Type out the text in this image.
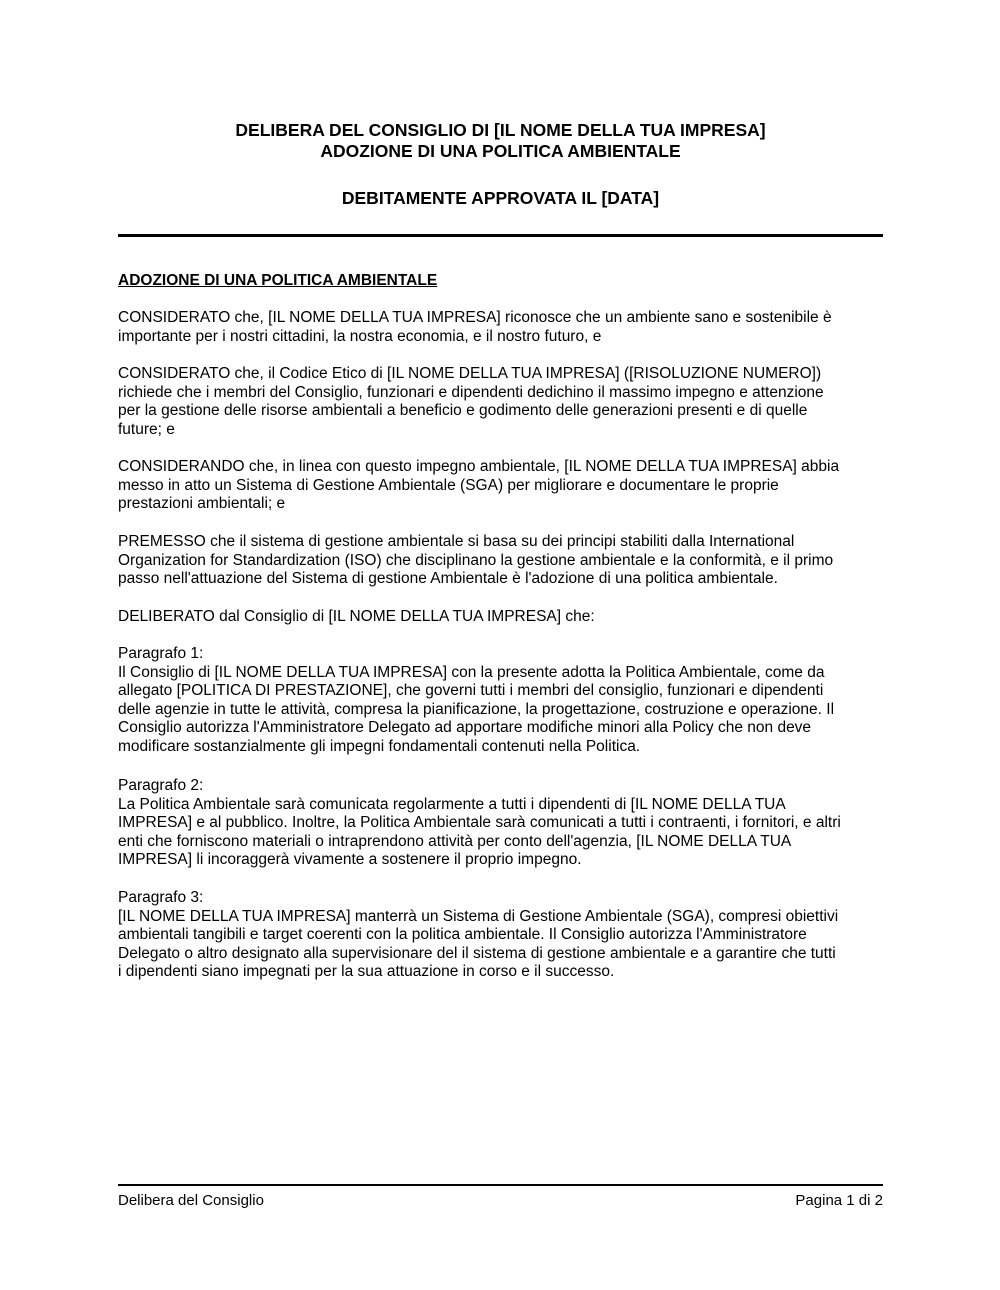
DELIBERA DEL CONSIGLIO DI [IL NOME DELLA TUA IMPRESA]
ADOZIONE DI UNA POLITICA AMBIENTALE
DEBITAMENTE APPROVATA IL [DATA]
ADOZIONE DI UNA POLITICA AMBIENTALE
CONSIDERATO che, [IL NOME DELLA TUA IMPRESA] riconosce che un ambiente sano e sostenibile è
importante per i nostri cittadini, la nostra economia, e il nostro futuro, e
CONSIDERATO che, il Codice Etico di [IL NOME DELLA TUA IMPRESA] ([RISOLUZIONE NUMERO])
richiede che i membri del Consiglio, funzionari e dipendenti dedichino il massimo impegno e attenzione
per la gestione delle risorse ambientali a beneficio e godimento delle generazioni presenti e di quelle
future; e
CONSIDERANDO che, in linea con questo impegno ambientale, [IL NOME DELLA TUA IMPRESA] abbia
messo in atto un Sistema di Gestione Ambientale (SGA) per migliorare e documentare le proprie
prestazioni ambientali; e
PREMESSO che il sistema di gestione ambientale si basa su dei principi stabiliti dalla International
Organization for Standardization (ISO) che disciplinano la gestione ambientale e la conformità, e il primo
passo nell'attuazione del Sistema di gestione Ambientale è l'adozione di una politica ambientale.
DELIBERATO dal Consiglio di [IL NOME DELLA TUA IMPRESA] che:
Paragrafo 1:
Il Consiglio di [IL NOME DELLA TUA IMPRESA] con la presente adotta la Politica Ambientale, come da
allegato [POLITICA DI PRESTAZIONE], che governi tutti i membri del consiglio, funzionari e dipendenti
delle agenzie in tutte le attività, compresa la pianificazione, la progettazione, costruzione e operazione. Il
Consiglio autorizza l'Amministratore Delegato ad apportare modifiche minori alla Policy che non deve
modificare sostanzialmente gli impegni fondamentali contenuti nella Politica.
Paragrafo 2:
La Politica Ambientale sarà comunicata regolarmente a tutti i dipendenti di [IL NOME DELLA TUA
IMPRESA] e al pubblico. Inoltre, la Politica Ambientale sarà comunicati a tutti i contraenti, i fornitori, e altri
enti che forniscono materiali o intraprendono attività per conto dell'agenzia, [IL NOME DELLA TUA
IMPRESA] li incoraggerà vivamente a sostenere il proprio impegno.
Paragrafo 3:
[IL NOME DELLA TUA IMPRESA] manterrà un Sistema di Gestione Ambientale (SGA), compresi obiettivi
ambientali tangibili e target coerenti con la politica ambientale. Il Consiglio autorizza l'Amministratore
Delegato o altro designato alla supervisionare del il sistema di gestione ambientale e a garantire che tutti
i dipendenti siano impegnati per la sua attuazione in corso e il successo.
Delibera del Consiglio	Pagina 1 di 2
